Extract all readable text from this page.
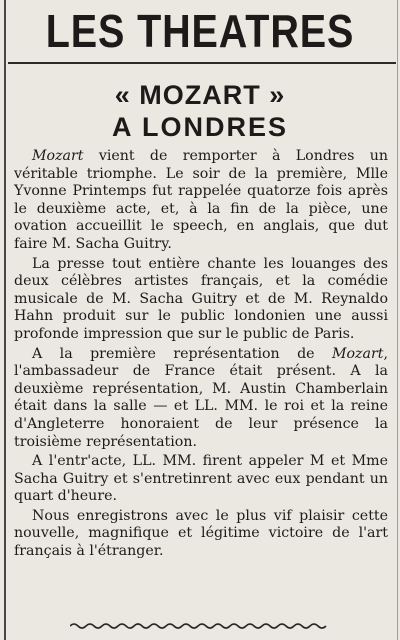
LES THEATRES
« MOZART »
A LONDRES

Mozart vient de remporter à Londres un véritable triomphe. Le soir de la première, Mlle Yvonne Printemps fut rappelée quatorze fois après le deuxième acte, et, à la fin de la pièce, une ovation accueillit le speech, en anglais, que dut faire M. Sacha Guitry.

La presse tout entière chante les louanges des deux célèbres artistes français, et la comédie musicale de M. Sacha Guitry et de M. Reynaldo Hahn produit sur le public londonien une aussi profonde impression que sur le public de Paris.

A la première représentation de Mozart, l'ambassadeur de France était présent. A la deuxième représentation, M. Austin Chamberlain était dans la salle — et LL. MM. le roi et la reine d'Angleterre honoraient de leur présence la troisième représentation.

A l'entr'acte, LL. MM. firent appeler M et Mme Sacha Guitry et s'entretinrent avec eux pendant un quart d'heure.

Nous enregistrons avec le plus vif plaisir cette nouvelle, magnifique et légitime victoire de l'art français à l'étranger.
